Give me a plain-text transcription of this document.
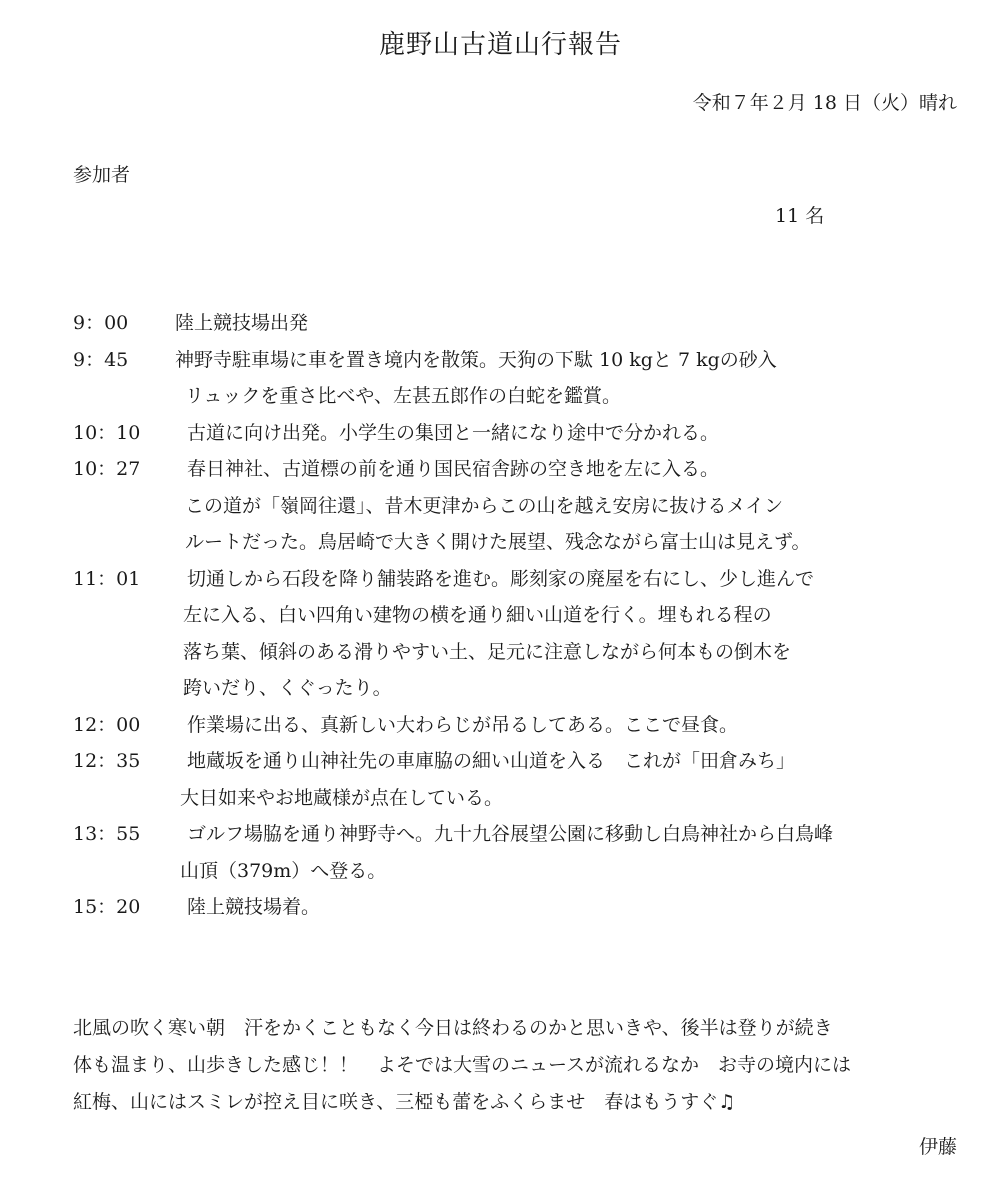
鹿野山古道山行報告
令和７年２月 18 日（火）晴れ
参加者
11 名
9：00 陸上競技場出発
9：45 神野寺駐車場に車を置き境内を散策。天狗の下駄 10 kgと 7 kgの砂入
リュックを重さ比べや、左甚五郎作の白蛇を鑑賞。
10：10 古道に向け出発。小学生の集団と一緒になり途中で分かれる。
10：27 春日神社、古道標の前を通り国民宿舎跡の空き地を左に入る。
この道が「嶺岡往還」、昔木更津からこの山を越え安房に抜けるメイン
ルートだった。鳥居崎で大きく開けた展望、残念ながら富士山は見えず。
11：01 切通しから石段を降り舗装路を進む。彫刻家の廃屋を右にし、少し進んで
左に入る、白い四角い建物の横を通り細い山道を行く。埋もれる程の
落ち葉、傾斜のある滑りやすい土、足元に注意しながら何本もの倒木を
跨いだり、くぐったり。
12：00 作業場に出る、真新しい大わらじが吊るしてある。ここで昼食。
12：35 地蔵坂を通り山神社先の車庫脇の細い山道を入る　これが「田倉みち」
大日如来やお地蔵様が点在している。
13：55 ゴルフ場脇を通り神野寺へ。九十九谷展望公園に移動し白鳥神社から白鳥峰
山頂（379m）へ登る。
15：20 陸上競技場着。
北風の吹く寒い朝　汗をかくこともなく今日は終わるのかと思いきや、後半は登りが続き
体も温まり、山歩きした感じ！！　よそでは大雪のニュースが流れるなか　お寺の境内には
紅梅、山にはスミレが控え目に咲き、三椏も蕾をふくらませ　春はもうすぐ♫
伊藤
